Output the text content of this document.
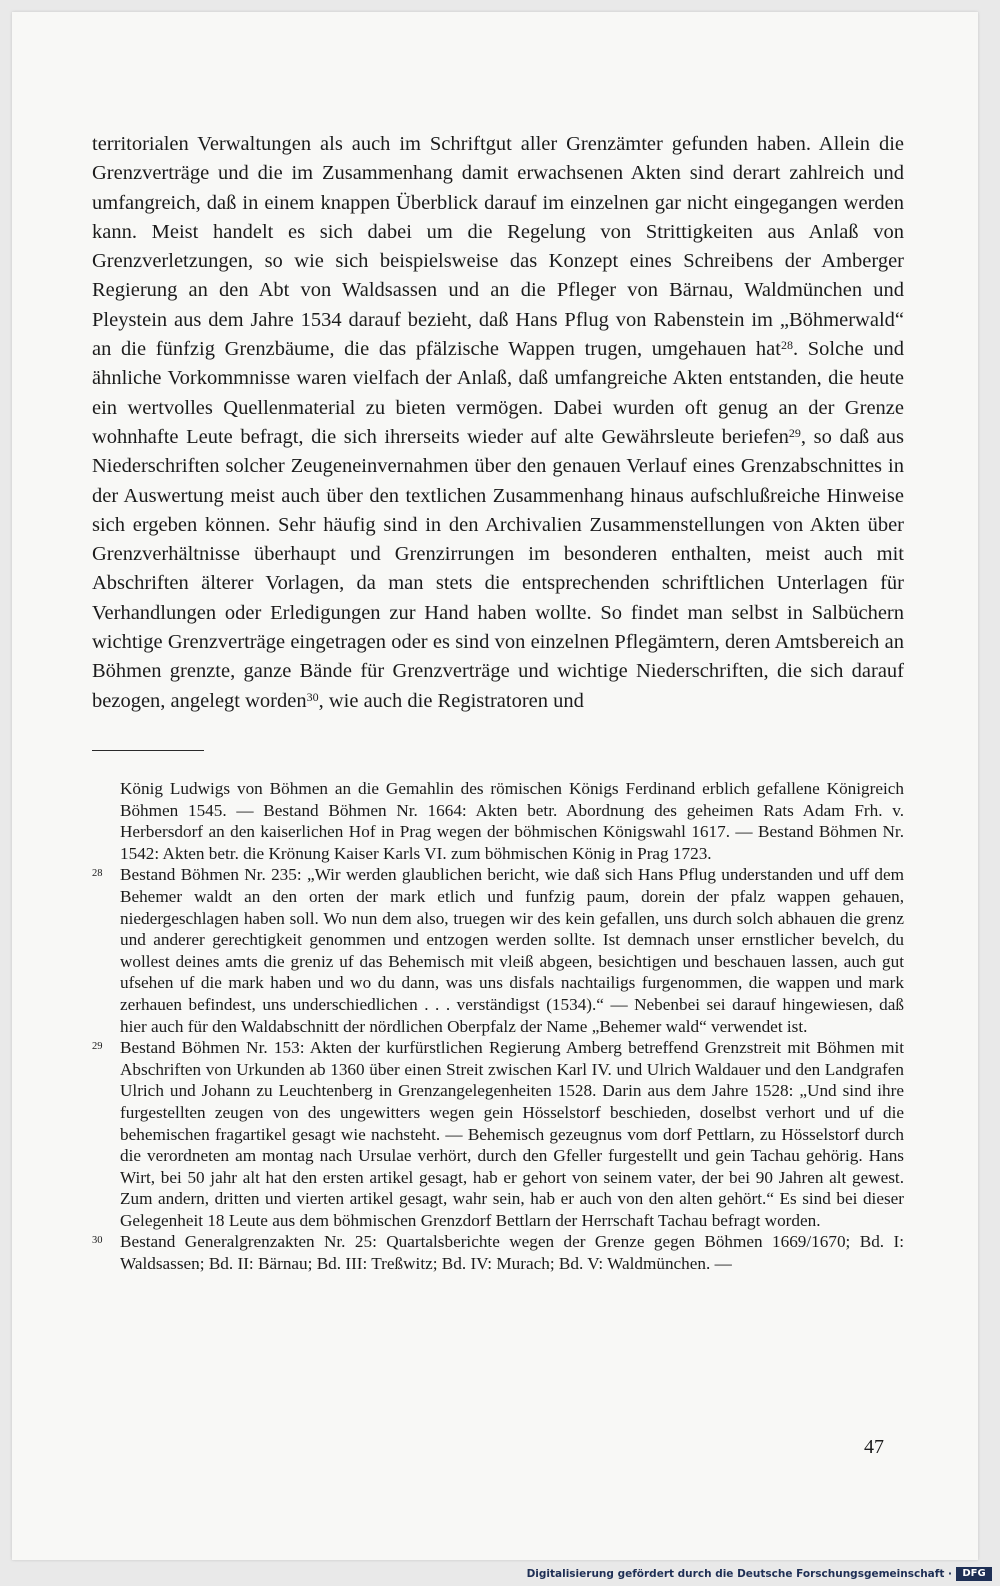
territorialen Verwaltungen als auch im Schriftgut aller Grenzämter gefunden haben. Allein die Grenzverträge und die im Zusammenhang damit erwachsenen Akten sind derart zahlreich und umfangreich, daß in einem knappen Überblick darauf im einzelnen gar nicht eingegangen werden kann. Meist handelt es sich dabei um die Regelung von Strittigkeiten aus Anlaß von Grenzverletzungen, so wie sich beispielsweise das Konzept eines Schreibens der Amberger Regierung an den Abt von Waldsassen und an die Pfleger von Bärnau, Waldmünchen und Pleystein aus dem Jahre 1534 darauf bezieht, daß Hans Pflug von Rabenstein im „Böhmerwald“ an die fünfzig Grenzbäume, die das pfälzische Wappen trugen, umgehauen hat$^{28}$. Solche und ähnliche Vorkommnisse waren vielfach der Anlaß, daß umfangreiche Akten entstanden, die heute ein wertvolles Quellenmaterial zu bieten vermögen. Dabei wurden oft genug an der Grenze wohnhafte Leute befragt, die sich ihrerseits wieder auf alte Gewährsleute beriefen$^{29}$, so daß aus Niederschriften solcher Zeugeneinvernahmen über den genauen Verlauf eines Grenzabschnittes in der Auswertung meist auch über den textlichen Zusammenhang hinaus aufschlußreiche Hinweise sich ergeben können. Sehr häufig sind in den Archivalien Zusammenstellungen von Akten über Grenzverhältnisse überhaupt und Grenzirrungen im besonderen enthalten, meist auch mit Abschriften älterer Vorlagen, da man stets die entsprechenden schriftlichen Unterlagen für Verhandlungen oder Erledigungen zur Hand haben wollte. So findet man selbst in Salbüchern wichtige Grenzverträge eingetragen oder es sind von einzelnen Pflegämtern, deren Amtsbereich an Böhmen grenzte, ganze Bände für Grenzverträge und wichtige Niederschriften, die sich darauf bezogen, angelegt worden$^{30}$, wie auch die Registratoren und

König Ludwigs von Böhmen an die Gemahlin des römischen Königs Ferdinand erblich gefallene Königreich Böhmen 1545. — Bestand Böhmen Nr. 1664: Akten betr. Abordnung des geheimen Rats Adam Frh. v. Herbersdorf an den kaiserlichen Hof in Prag wegen der böhmischen Königswahl 1617. — Bestand Böhmen Nr. 1542: Akten betr. die Krönung Kaiser Karls VI. zum böhmischen König in Prag 1723.

28 Bestand Böhmen Nr. 235: „Wir werden glaublichen bericht, wie daß sich Hans Pflug understanden und uff dem Behemer waldt an den orten der mark etlich und funfzig paum, dorein der pfalz wappen gehauen, niedergeschlagen haben soll. Wo nun dem also, truegen wir des kein gefallen, uns durch solch abhauen die grenz und anderer gerechtigkeit genommen und entzogen werden sollte. Ist demnach unser ernstlicher bevelch, du wollest deines amts die greniz uf das Behemisch mit vleiß abgeen, besichtigen und beschauen lassen, auch gut ufsehen uf die mark haben und wo du dann, was uns disfals nachtailigs furgenommen, die wappen und mark zerhauen befindest, uns underschiedlichen . . . verständigst (1534).“ — Nebenbei sei darauf hingewiesen, daß hier auch für den Waldabschnitt der nördlichen Oberpfalz der Name „Behemer wald“ verwendet ist.

29 Bestand Böhmen Nr. 153: Akten der kurfürstlichen Regierung Amberg betreffend Grenzstreit mit Böhmen mit Abschriften von Urkunden ab 1360 über einen Streit zwischen Karl IV. und Ulrich Waldauer und den Landgrafen Ulrich und Johann zu Leuchtenberg in Grenzangelegenheiten 1528. Darin aus dem Jahre 1528: „Und sind ihre furgestellten zeugen von des ungewitters wegen gein Hösselstorf beschieden, doselbst verhort und uf die behemischen fragartikel gesagt wie nachsteht. — Behemisch gezeugnus vom dorf Pettlarn, zu Hösselstorf durch die verordneten am montag nach Ursulae verhört, durch den Gfeller furgestellt und gein Tachau gehörig. Hans Wirt, bei 50 jahr alt hat den ersten artikel gesagt, hab er gehort von seinem vater, der bei 90 Jahren alt gewest. Zum andern, dritten und vierten artikel gesagt, wahr sein, hab er auch von den alten gehört.“ Es sind bei dieser Gelegenheit 18 Leute aus dem böhmischen Grenzdorf Bettlarn der Herrschaft Tachau befragt worden.

30 Bestand Generalgrenzakten Nr. 25: Quartalsberichte wegen der Grenze gegen Böhmen 1669/1670; Bd. I: Waldsassen; Bd. II: Bärnau; Bd. III: Treßwitz; Bd. IV: Murach; Bd. V: Waldmünchen. —

47
Digitalisierung gefördert durch die Deutsche Forschungsgemeinschaft ·	DFG
